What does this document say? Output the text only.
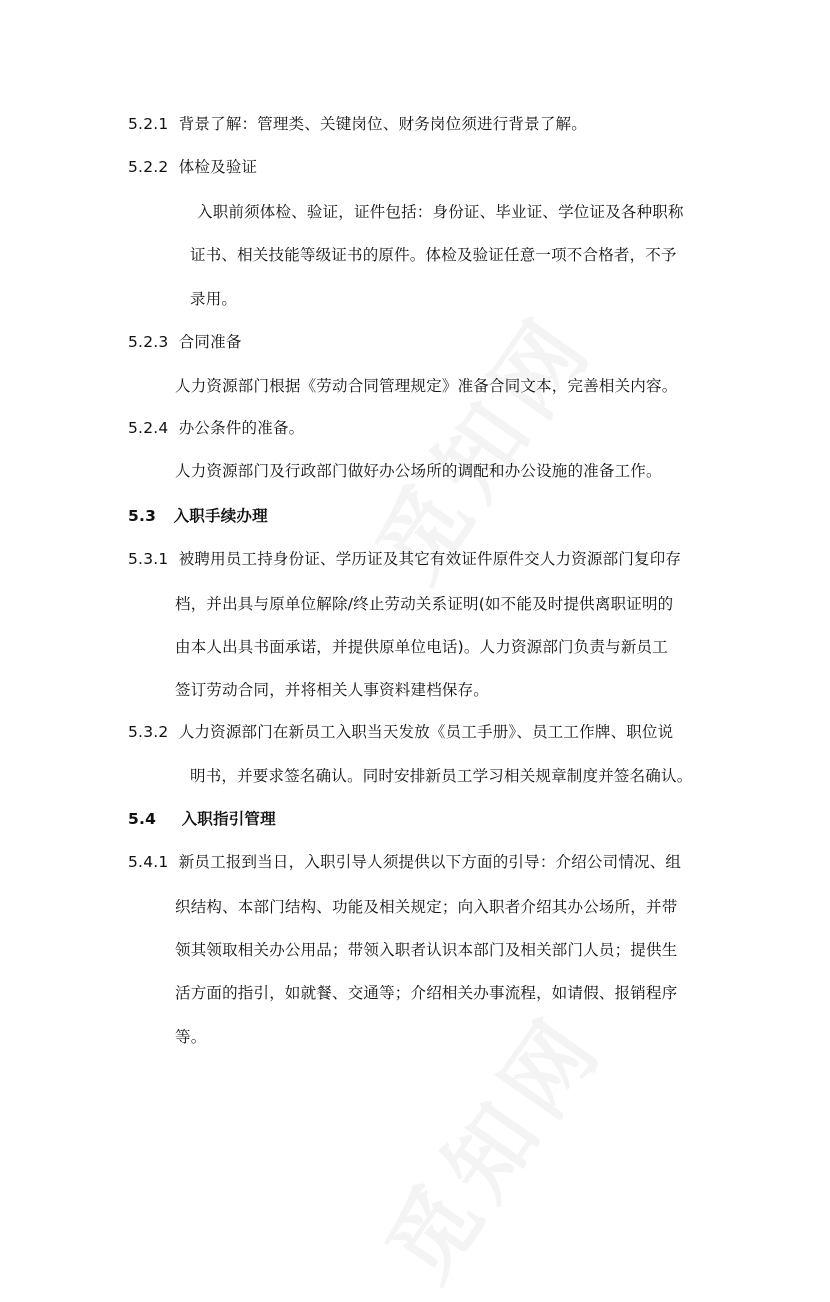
5.2.1 背景了解：管理类、关键岗位、财务岗位须进行背景了解。
5.2.2 体检及验证
入职前须体检、验证，证件包括：身份证、毕业证、学位证及各种职称
证书、相关技能等级证书的原件。体检及验证任意一项不合格者，不予
录用。
5.2.3 合同准备
人力资源部门根据《劳动合同管理规定》准备合同文本，完善相关内容。
5.2.4 办公条件的准备。
人力资源部门及行政部门做好办公场所的调配和办公设施的准备工作。
5.3 入职手续办理
5.3.1 被聘用员工持身份证、学历证及其它有效证件原件交人力资源部门复印存
档，并出具与原单位解除/终止劳动关系证明(如不能及时提供离职证明的
由本人出具书面承诺，并提供原单位电话)。人力资源部门负责与新员工
签订劳动合同，并将相关人事资料建档保存。
5.3.2 人力资源部门在新员工入职当天发放《员工手册》、员工工作牌、职位说
明书，并要求签名确认。同时安排新员工学习相关规章制度并签名确认。
5.4 入职指引管理
5.4.1 新员工报到当日，入职引导人须提供以下方面的引导：介绍公司情况、组
织结构、本部门结构、功能及相关规定；向入职者介绍其办公场所，并带
领其领取相关办公用品；带领入职者认识本部门及相关部门人员；提供生
活方面的指引，如就餐、交通等；介绍相关办事流程，如请假、报销程序
等。
